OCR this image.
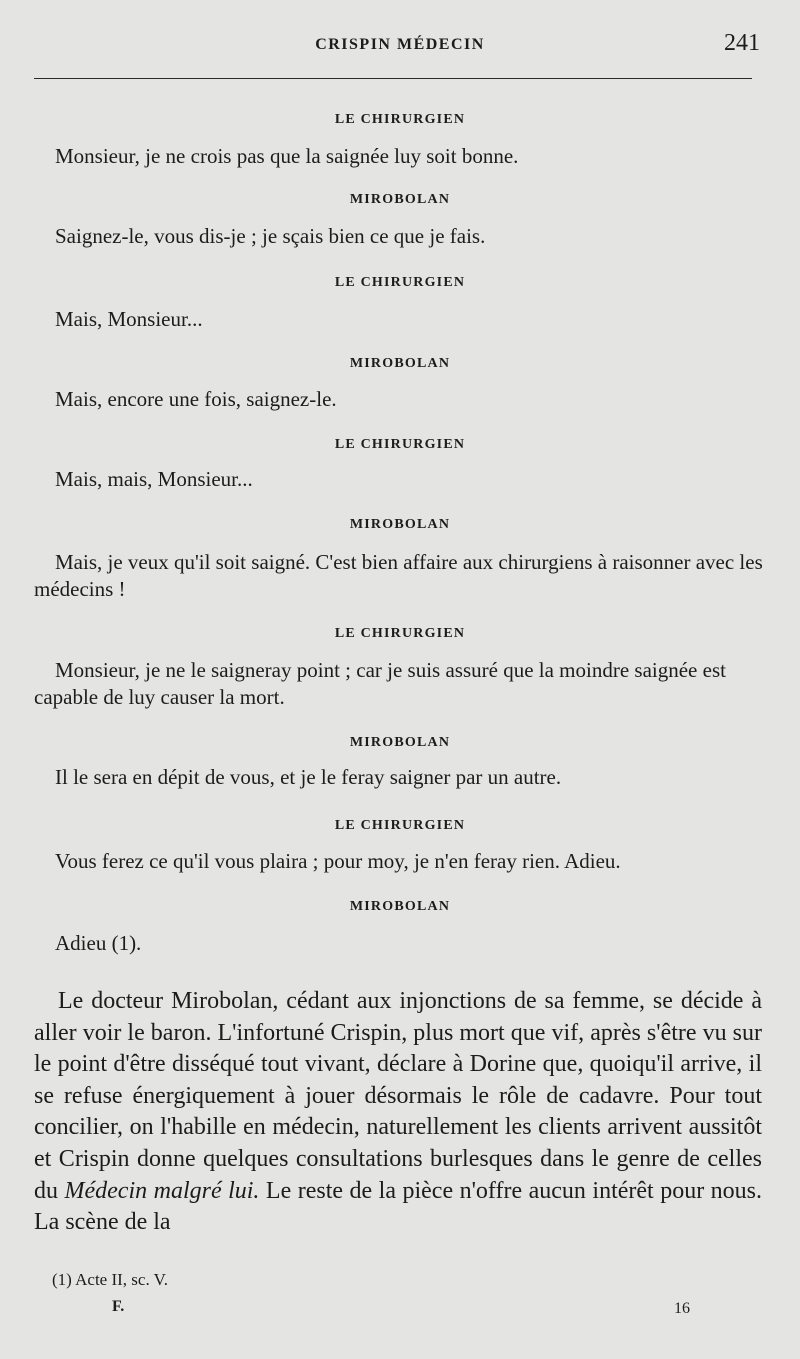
CRISPIN MÉDECIN	241
LE CHIRURGIEN
Monsieur, je ne crois pas que la saignée luy soit bonne.
MIROBOLAN
Saignez-le, vous dis-je ; je sçais bien ce que je fais.
LE CHIRURGIEN
Mais, Monsieur...
MIROBOLAN
Mais, encore une fois, saignez-le.
LE CHIRURGIEN
Mais, mais, Monsieur...
MIROBOLAN
Mais, je veux qu'il soit saigné. C'est bien affaire aux chirurgiens à raisonner avec les médecins !
LE CHIRURGIEN
Monsieur, je ne le saigneray point ; car je suis assuré que la moindre saignée est capable de luy causer la mort.
MIROBOLAN
Il le sera en dépit de vous, et je le feray saigner par un autre.
LE CHIRURGIEN
Vous ferez ce qu'il vous plaira ; pour moy, je n'en feray rien. Adieu.
MIROBOLAN
Adieu (1).

Le docteur Mirobolan, cédant aux injonctions de sa femme, se décide à aller voir le baron. L'infortuné Crispin, plus mort que vif, après s'être vu sur le point d'être disséqué tout vivant, déclare à Dorine que, quoiqu'il arrive, il se refuse énergiquement à jouer désormais le rôle de cadavre. Pour tout concilier, on l'habille en médecin, naturellement les clients arrivent aussitôt et Crispin donne quelques consultations burlesques dans le genre de celles du Médecin malgré lui. Le reste de la pièce n'offre aucun intérêt pour nous. La scène de la

(1) Acte II, sc. V.
F.	16
